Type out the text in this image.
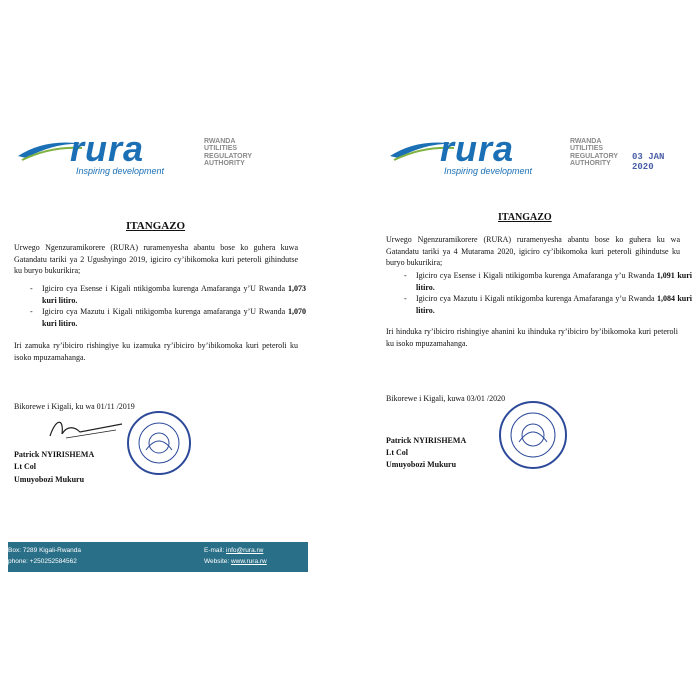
rura
Inspiring development
RWANDA
UTILITIES
REGULATORY
AUTHORITY
ITANGAZO
Urwego Ngenzuramikorere (RURA) ruramenyesha abantu bose ko guhera kuwa Gatandatu tariki ya 2 Ugushyingo 2019, igiciro cy’ibikomoka kuri peteroli gihindutse ku buryo bukurikira;
- Igiciro cya Esense i Kigali ntikigomba kurenga Amafaranga y’U Rwanda 1,073 kuri litiro.
- Igiciro cya Mazutu i Kigali ntikigomba kurenga amafaranga y’U Rwanda 1,070 kuri litiro.
Iri zamuka ry’ibiciro rishingiye ku izamuka ry’ibiciro by’ibikomoka kuri peteroli ku isoko mpuzamahanga.
Bikorewe i Kigali, ku wa 01/11 /2019
Patrick NYIRISHEMA
Lt Col
Umuyobozi Mukuru
Box: 7289 Kigali-Rwanda
phone: +250252584562
E-mail: info@rura.rw
Website: www.rura.rw
rura
Inspiring development
RWANDA
UTILITIES
REGULATORY
AUTHORITY
03 JAN 2020
ITANGAZO
Urwego Ngenzuramikorere (RURA) ruramenyesha abantu bose ko guhera ku wa Gatandatu tariki ya 4 Mutarama 2020, igiciro cy’ibikomoka kuri peteroli gihindutse ku buryo bukurikira;
- Igiciro cya Esense i Kigali ntikigomba kurenga Amafaranga y’u Rwanda 1,091 kuri litiro.
- Igiciro cya Mazutu i Kigali ntikigomba kurenga Amafaranga y’u Rwanda 1,084 kuri litiro.
Iri hinduka ry’ibiciro rishingiye ahanini ku ihinduka ry’ibiciro by’ibikomoka kuri peteroli ku isoko mpuzamahanga.
Bikorewe i Kigali, kuwa 03/01 /2020
Patrick NYIRISHEMA
Lt Col
Umuyobozi Mukuru
